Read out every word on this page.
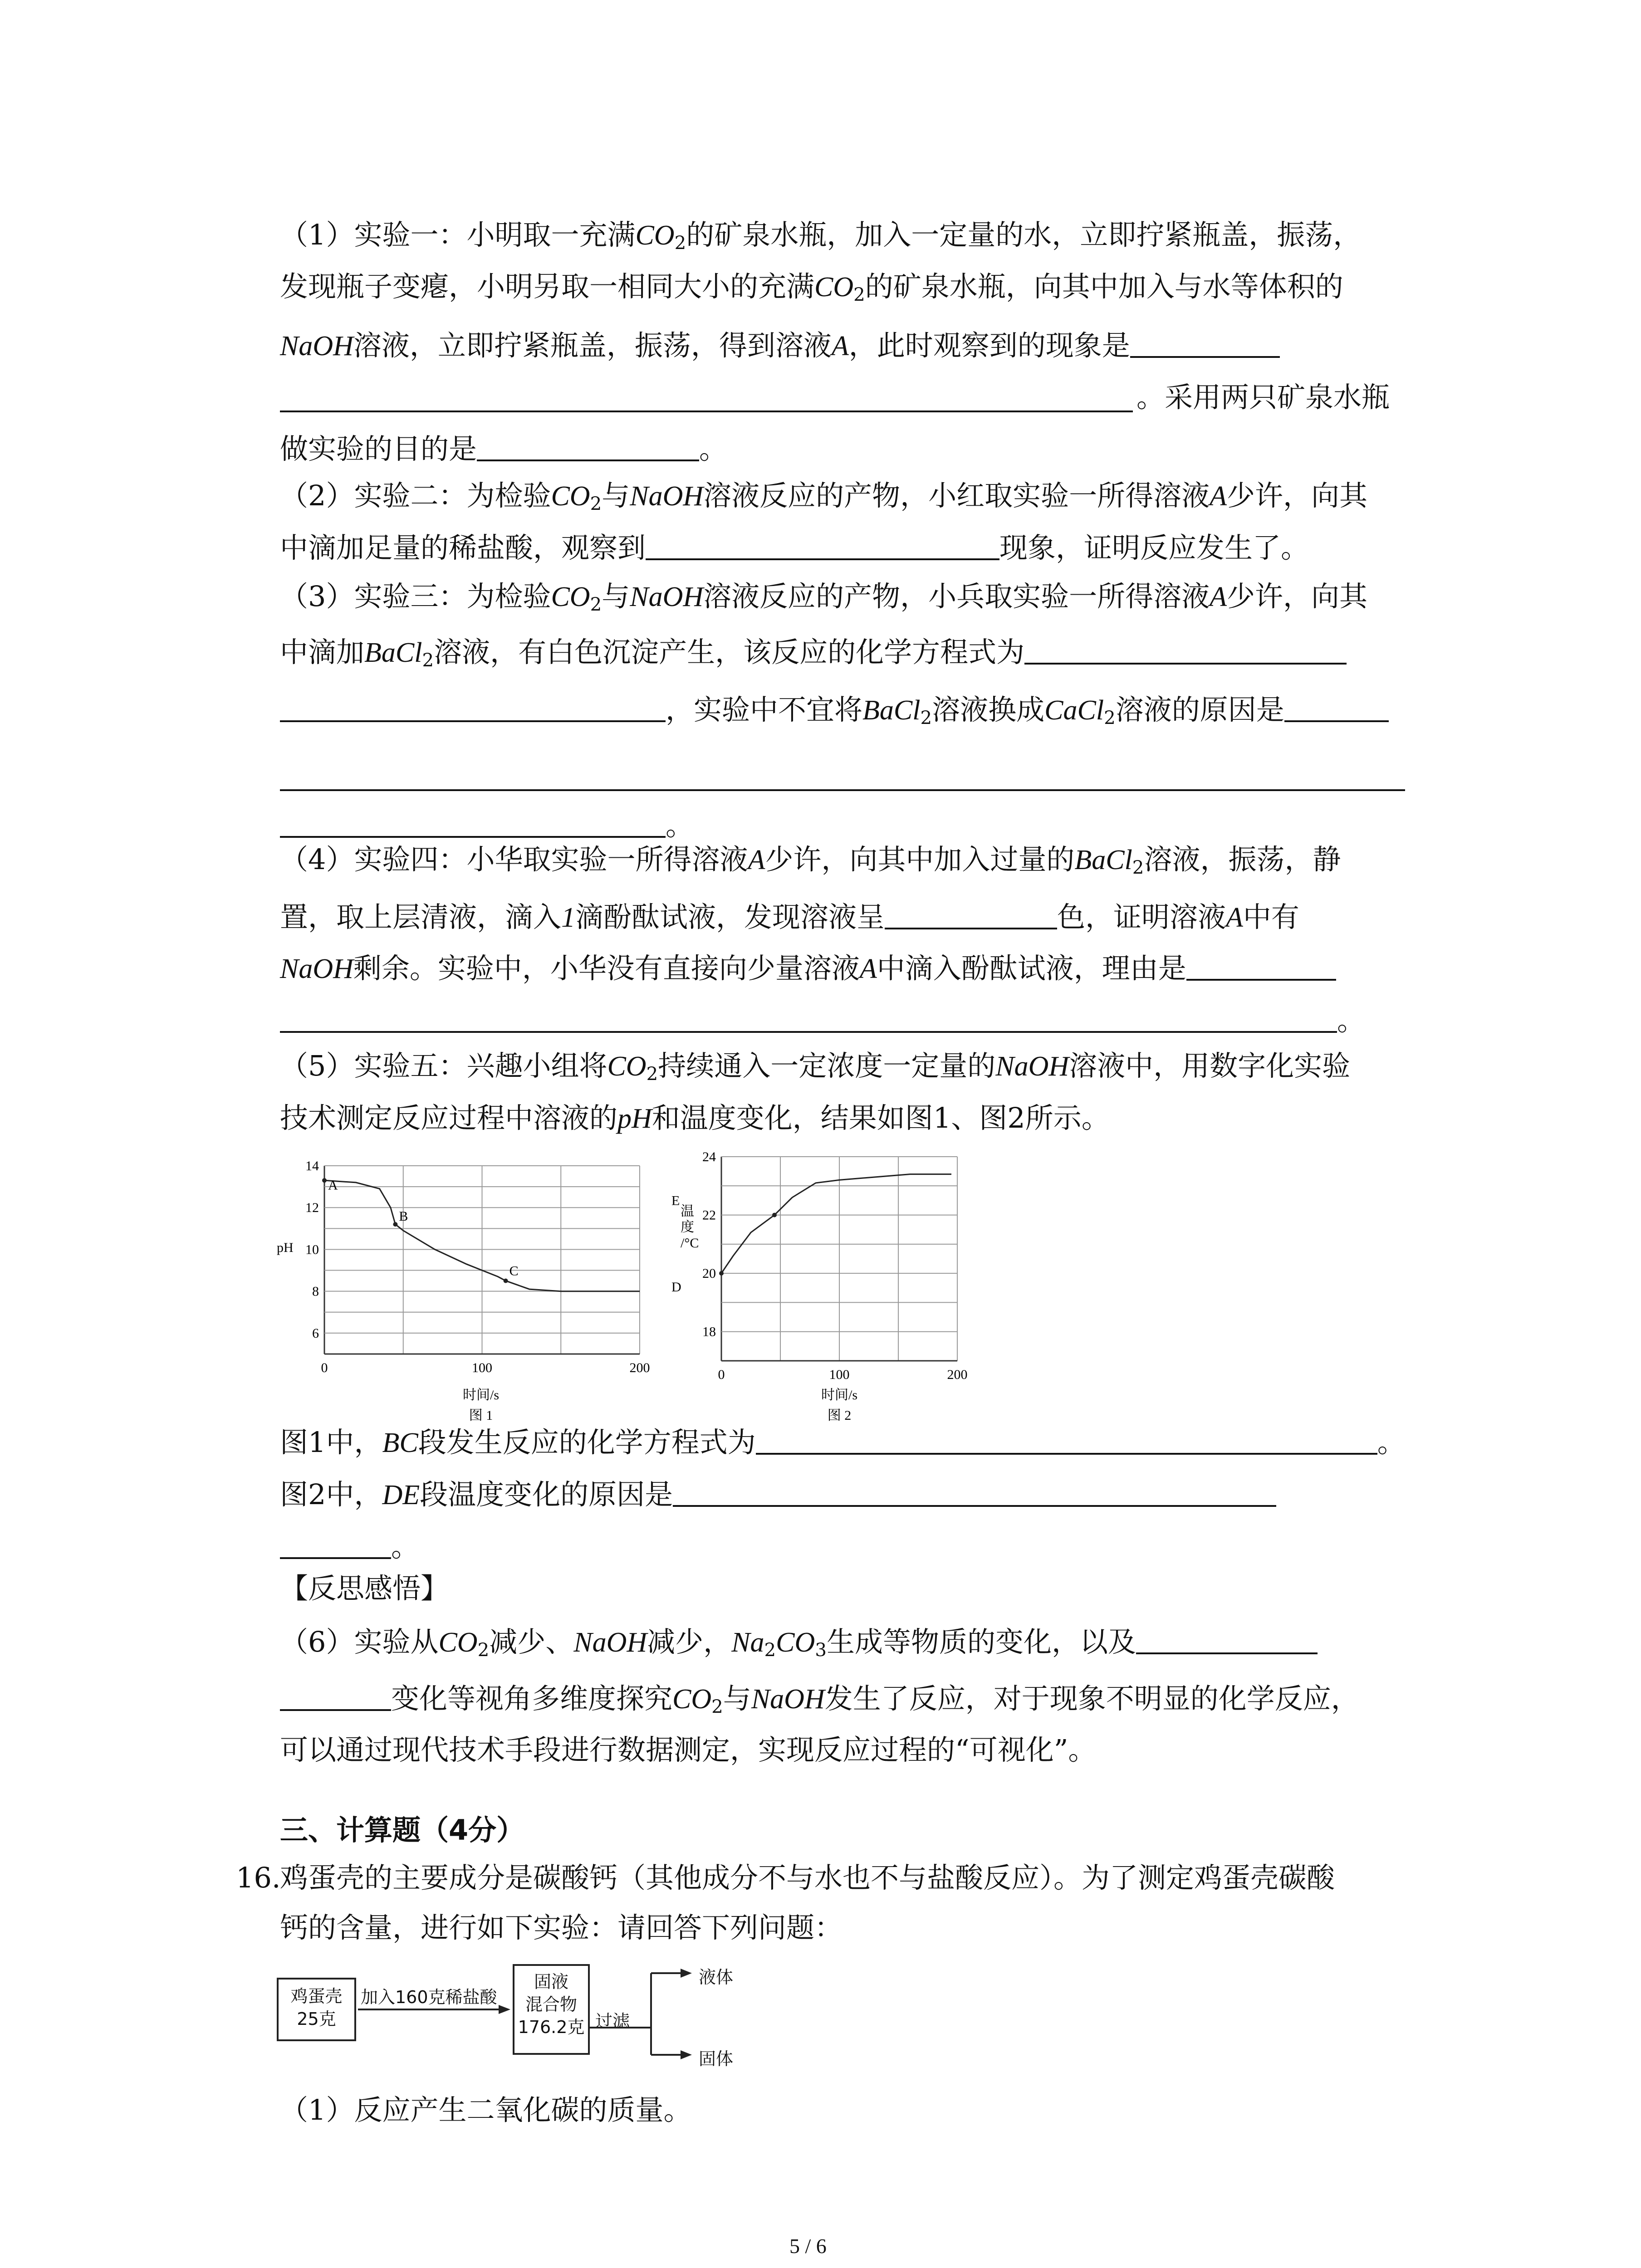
（1）实验一：小明取一充满$CO_2$的矿泉水瓶，加入一定量的水，立即拧紧瓶盖，振荡，
发现瓶子变瘪，小明另取一相同大小的充满$CO_2$的矿泉水瓶，向其中加入与水等体积的
NaOH溶液，立即拧紧瓶盖，振荡，得到溶液A，此时观察到的现象是
。采用两只矿泉水瓶
做实验的目的是	。
（2）实验二：为检验$CO_2$与NaOH溶液反应的产物，小红取实验一所得溶液A少许，向其
中滴加足量的稀盐酸，观察到	现象，证明反应发生了。
（3）实验三：为检验$CO_2$与NaOH溶液反应的产物，小兵取实验一所得溶液A少许，向其
中滴加BaCl$_2$溶液，有白色沉淀产生，该反应的化学方程式为
，实验中不宜将BaCl$_2$溶液换成CaCl$_2$溶液的原因是
。
（4）实验四：小华取实验一所得溶液A少许，向其中加入过量的BaCl$_2$溶液，振荡，静
置，取上层清液，滴入1滴酚酞试液，发现溶液呈	色，证明溶液A中有
NaOH剩余。实验中，小华没有直接向少量溶液A中滴入酚酞试液，理由是
。
（5）实验五：兴趣小组将$CO_2$持续通入一定浓度一定量的NaOH溶液中，用数字化实验
技术测定反应过程中溶液的pH和温度变化，结果如图1、图2所示。
0	100	200
6
8
10
12
14
A
B
C
pH
时间/s
图 1
0	100	200
18
20
22
24
D
E
温
度
/°C
时间/s
图 2
图1中，BC段发生反应的化学方程式为	。
图2中，DE段温度变化的原因是
。
【反思感悟】
（6）实验从$CO_2$减少、NaOH减少，$Na_2CO_3$生成等物质的变化，以及
变化等视角多维度探究$CO_2$与NaOH发生了反应，对于现象不明显的化学反应，
可以通过现代技术手段进行数据测定，实现反应过程的“可视化”。
三、计算题（4分）
16.
鸡蛋壳的主要成分是碳酸钙（其他成分不与水也不与盐酸反应）。为了测定鸡蛋壳碳酸
钙的含量，进行如下实验：请回答下列问题：
鸡蛋壳
25克
加入160克稀盐酸
固液
混合物
176.2克 过滤
液体
固体
（1）反应产生二氧化碳的质量。
5 / 6
